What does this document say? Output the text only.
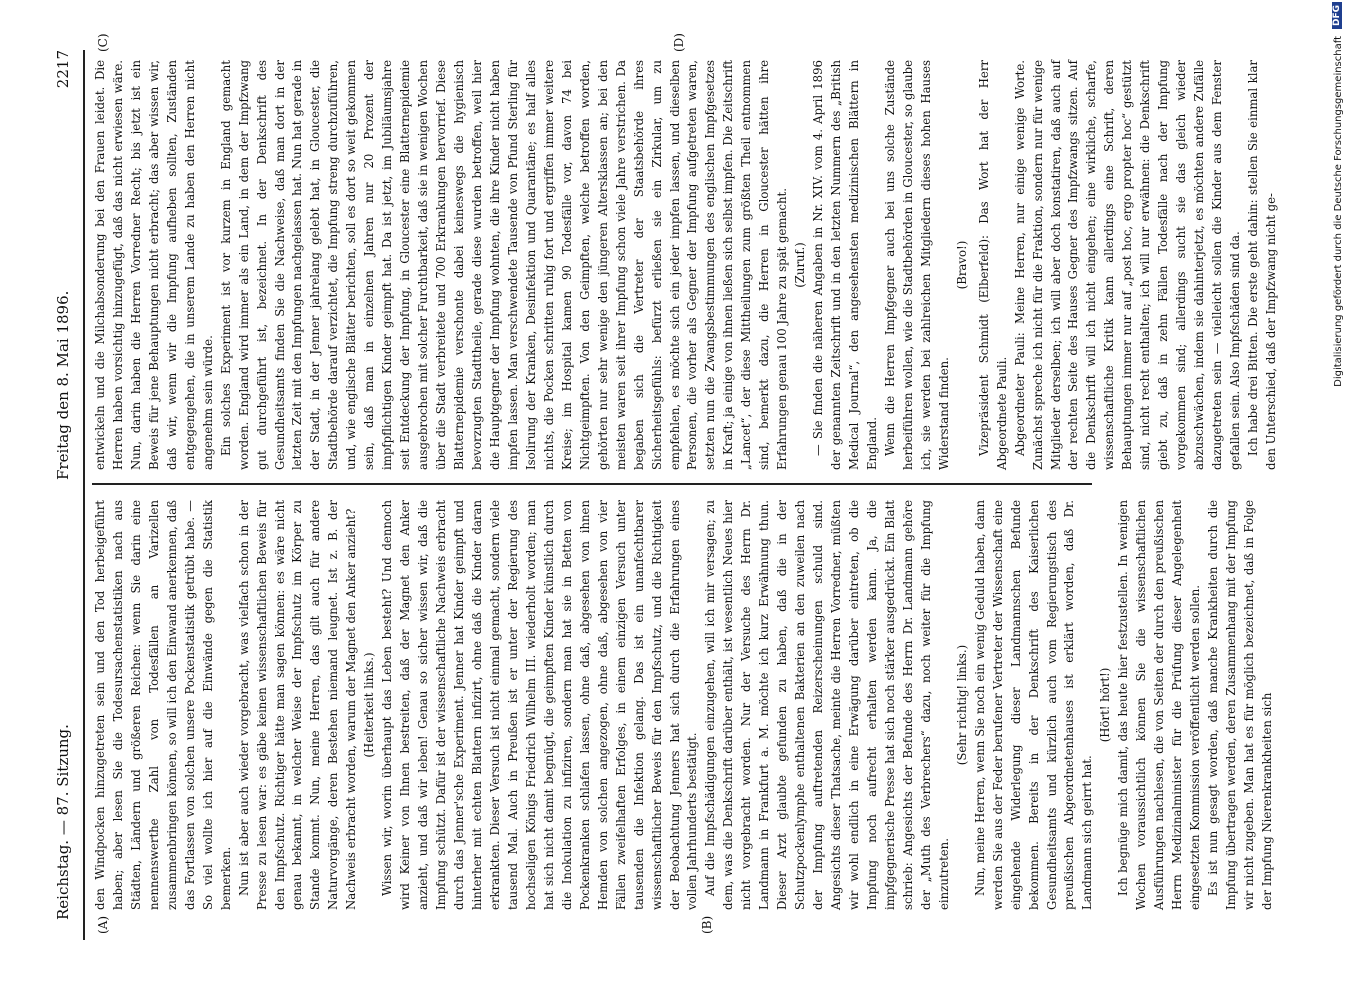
Reichstag. — 87. Sitzung.
Freitag den 8. Mai 1896.
2217
(A)	(B)
(C)	(D)

den Windpocken hinzugetreten sein und den Tod herbeigeführt haben; aber lesen Sie die Todesursachenstatistiken nach aus Städten, Ländern und größeren Reichen: wenn Sie darin eine nennenswerthe Zahl von Todesfällen an Varizellen zusammenbringen können, so will ich den Einwand anerkennen, daß das Fortlassen von solchen unsere Pockenstatistik getrübt habe. — So viel wollte ich hier auf die Einwände gegen die Statistik bemerken. Nun ist aber auch wieder vorgebracht, was vielfach schon in der Presse zu lesen war: es gäbe keinen wissenschaftlichen Beweis für den Impfschutz. Richtiger hätte man sagen können: es wäre nicht genau bekannt, in welcher Weise der Impfschutz im Körper zu Stande kommt. Nun, meine Herren, das gilt auch für andere Naturvorgänge, deren Bestehen niemand leugnet. Ist z. B. der Nachweis erbracht worden, warum der Magnet den Anker anzieht? (Heiterkeit links.) Wissen wir, worin überhaupt das Leben besteht? Und dennoch wird Keiner von Ihnen bestreiten, daß der Magnet den Anker anzieht, und daß wir leben! Genau so sicher wissen wir, daß die Impfung schützt. Dafür ist der wissenschaftliche Nachweis erbracht durch das Jenner'sche Experiment. Jenner hat Kinder geimpft und hinterher mit echten Blattern infizirt, ohne daß die Kinder daran erkrankten. Dieser Versuch ist nicht einmal gemacht, sondern viele tausend Mal. Auch in Preußen ist er unter der Regierung des hochseligen Königs Friedrich Wilhelm III. wiederholt worden; man hat sich nicht damit begnügt, die geimpften Kinder künstlich durch die Inokulation zu infiziren, sondern man hat sie in Betten von Pockenkranken schlafen lassen, ohne daß, abgesehen von ihnen Hemden von solchen angezogen, ohne daß, abgesehen von vier Fällen zweifelhaften Erfolges, in einem einzigen Versuch unter tausenden die Infektion gelang. Das ist ein unanfechtbarer wissenschaftlicher Beweis für den Impfschutz, und die Richtigkeit der Beobachtung Jenners hat sich durch die Erfahrungen eines vollen Jahrhunderts bestätigt. Auf die Impfschädigungen einzugehen, will ich mir versagen; zu dem, was die Denkschrift darüber enthält, ist wesentlich Neues hier nicht vorgebracht worden. Nur der Versuche des Herrn Dr. Landmann in Frankfurt a. M. möchte ich kurz Erwähnung thun. Dieser Arzt glaubte gefunden zu haben, daß die in der Schutzpockenlymphe enthaltenen Bakterien an den zuweilen nach der Impfung auftretenden Reizerscheinungen schuld sind. Angesichts dieser Thatsache, meinte die Herren Vorredner, müßten wir wohl endlich in eine Erwägung darüber eintreten, ob die Impfung noch aufrecht erhalten werden kann. Ja, die impfgegnerische Presse hat sich noch stärker ausgedrückt. Ein Blatt schrieb: Angesichts der Befunde des Herrn Dr. Landmann gehöre der „Muth des Verbrechers“ dazu, noch weiter für die Impfung einzutreten.

(Sehr richtig! links.) Nun, meine Herren, wenn Sie noch ein wenig Geduld haben, dann werden Sie aus der Feder berufener Vertreter der Wissenschaft eine eingehende Widerlegung dieser Landmannschen Befunde bekommen. Bereits in der Denkschrift des Kaiserlichen Gesundheitsamts und kürzlich auch vom Regierungstisch des preußischen Abgeordnetenhauses ist erklärt worden, daß Dr. Landmann sich geirrt hat.

(Hört! hört!) Ich begnüge mich damit, das heute hier festzustellen. In wenigen Wochen voraussichtlich können Sie die wissenschaftlichen Ausführungen nachlesen, die von Seiten der durch den preußischen Herrn Medizinalminister für die Prüfung dieser Angelegenheit eingesetzten Kommission veröffentlicht werden sollen. Es ist nun gesagt worden, daß manche Krankheiten durch die Impfung übertragen werden, deren Zusammenhang mit der Impfung wir nicht zugeben. Man hat es für möglich bezeichnet, daß in Folge der Impfung Nierenkrankheiten sich

entwickeln und die Milchabsonderung bei den Frauen leidet. Die Herren haben vorsichtig hinzugefügt, daß das nicht erwiesen wäre. Nun, darin haben die Herren Vorredner Recht; bis jetzt ist ein Beweis für jene Behauptungen nicht erbracht; das aber wissen wir, daß wir, wenn wir die Impfung aufheben sollten, Zuständen entgegengehen, die in unserem Lande zu haben den Herren nicht angenehm sein würde. Ein solches Experiment ist vor kurzem in England gemacht worden. England wird immer als ein Land, in dem der Impfzwang gut durchgeführt ist, bezeichnet. In der Denkschrift des Gesundheitsamts finden Sie die Nachweise, daß man dort in der letzten Zeit mit den Impfungen nachgelassen hat. Nun hat gerade in der Stadt, in der Jenner jahrelang gelebt hat, in Gloucester, die Stadtbehörde darauf verzichtet, die Impfung streng durchzuführen, und, wie englische Blätter berichten, soll es dort so weit gekommen sein, daß man in einzelnen Jahren nur 20 Prozent der impfpflichtigen Kinder geimpft hat. Da ist jetzt, im Jubiläumsjahre seit Entdeckung der Impfung, in Gloucester eine Blatternepidemie ausgebrochen mit solcher Furchtbarkeit, daß sie in wenigen Wochen über die Stadt verbreitete und 700 Erkrankungen hervorrief. Diese Blatternepidemie verschonte dabei keineswegs die hygienisch bevorzugten Stadttheile, gerade diese wurden betroffen, weil hier die Hauptgegner der Impfung wohnten, die ihre Kinder nicht haben impfen lassen. Man verschwendete Tausende von Pfund Sterling für Isolirung der Kranken, Desinfektion und Quarantäne; es half alles nichts, die Pocken schritten ruhig fort und ergriffen immer weitere Kreise; im Hospital kamen 90 Todesfälle vor, davon 74 bei Nichtgeimpften. Von den Geimpften, welche betroffen worden, gehörten nur sehr wenige den jüngeren Altersklassen an; bei den meisten waren seit ihrer Impfung schon viele Jahre verstrichen. Da begaben sich die Vertreter der Staatsbehörde ihres Sicherheitsgefühls: befürzt erließen sie ein Zirkular, um zu empfehlen, es möchte sich ein jeder impfen lassen, und dieselben Personen, die vorher als Gegner der Impfung aufgetreten waren, setzten nun die Zwangsbestimmungen des englischen Impfgesetzes in Kraft; ja einige von ihnen ließen sich selbst impfen. Die Zeitschrift „Lancet“, der diese Mittheilungen zum größten Theil entnommen sind, bemerkt dazu, die Herren in Gloucester hätten ihre Erfahrungen genau 100 Jahre zu spät gemacht. (Zuruf.) — Sie finden die näheren Angaben in Nr. XIV. vom 4. April 1896 der genannten Zeitschrift und in den letzten Nummern des „British Medical Journal“, den angesehensten medizinischen Blättern in England. Wenn die Herren Impfgegner auch bei uns solche Zustände herbeiführen wollen, wie die Stadtbehörden in Gloucester, so glaube ich, sie werden bei zahlreichen Mitgliedern dieses hohen Hauses Widerstand finden.

(Bravo!) Vizepräsident Schmidt (Elberfeld): Das Wort hat der Herr Abgeordnete Pauli. Abgeordneter Pauli: Meine Herren, nur einige wenige Worte. Zunächst spreche ich nicht für die Fraktion, sondern nur für wenige Mitglieder derselben; ich will aber doch konstatiren, daß auch auf der rechten Seite des Hauses Gegner des Impfzwangs sitzen. Auf die Denkschrift will ich nicht eingehen; eine wirkliche, scharfe, wissenschaftliche Kritik kann allerdings eine Schrift, deren Behauptungen immer nur auf „post hoc, ergo propter hoc“ gestützt sind, nicht recht enthalten; ich will nur erwähnen: die Denkschrift giebt zu, daß in zehn Fällen Todesfälle nach der Impfung vorgekommen sind; allerdings sucht sie das gleich wieder abzuschwächen, indem sie dahinterjetzt, es möchten andere Zufälle dazugetreten sein — vielleicht sollen die Kinder aus dem Fenster gefallen sein. Also Impfschäden sind da. Ich habe drei Bitten. Die erste geht dahin: stellen Sie einmal klar den Unterschied, daß der Impfzwang nicht ge-	Digitalisierung gefördert durch die Deutsche Forschungsgemeinschaft
DFG
